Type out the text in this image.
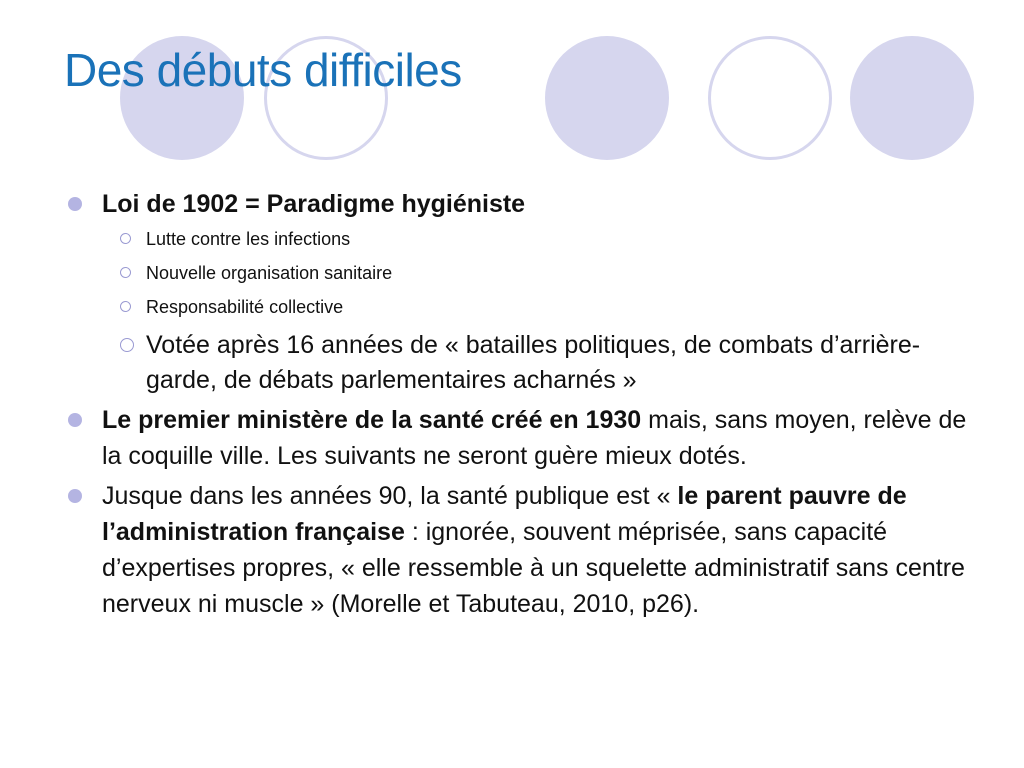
Des débuts difficiles
Loi de 1902 = Paradigme hygiéniste
Lutte contre les infections
Nouvelle organisation sanitaire
Responsabilité collective
Votée après 16 années de « batailles politiques, de combats d’arrière-garde, de débats parlementaires acharnés »
Le premier ministère de la santé créé en 1930 mais, sans moyen, relève de la coquille ville. Les suivants ne seront guère mieux dotés.
Jusque dans les années 90, la santé publique est « le parent pauvre de l’administration française : ignorée, souvent méprisée, sans capacité d’expertises propres, « elle ressemble à un squelette administratif sans centre nerveux ni muscle » (Morelle et Tabuteau, 2010, p26).
